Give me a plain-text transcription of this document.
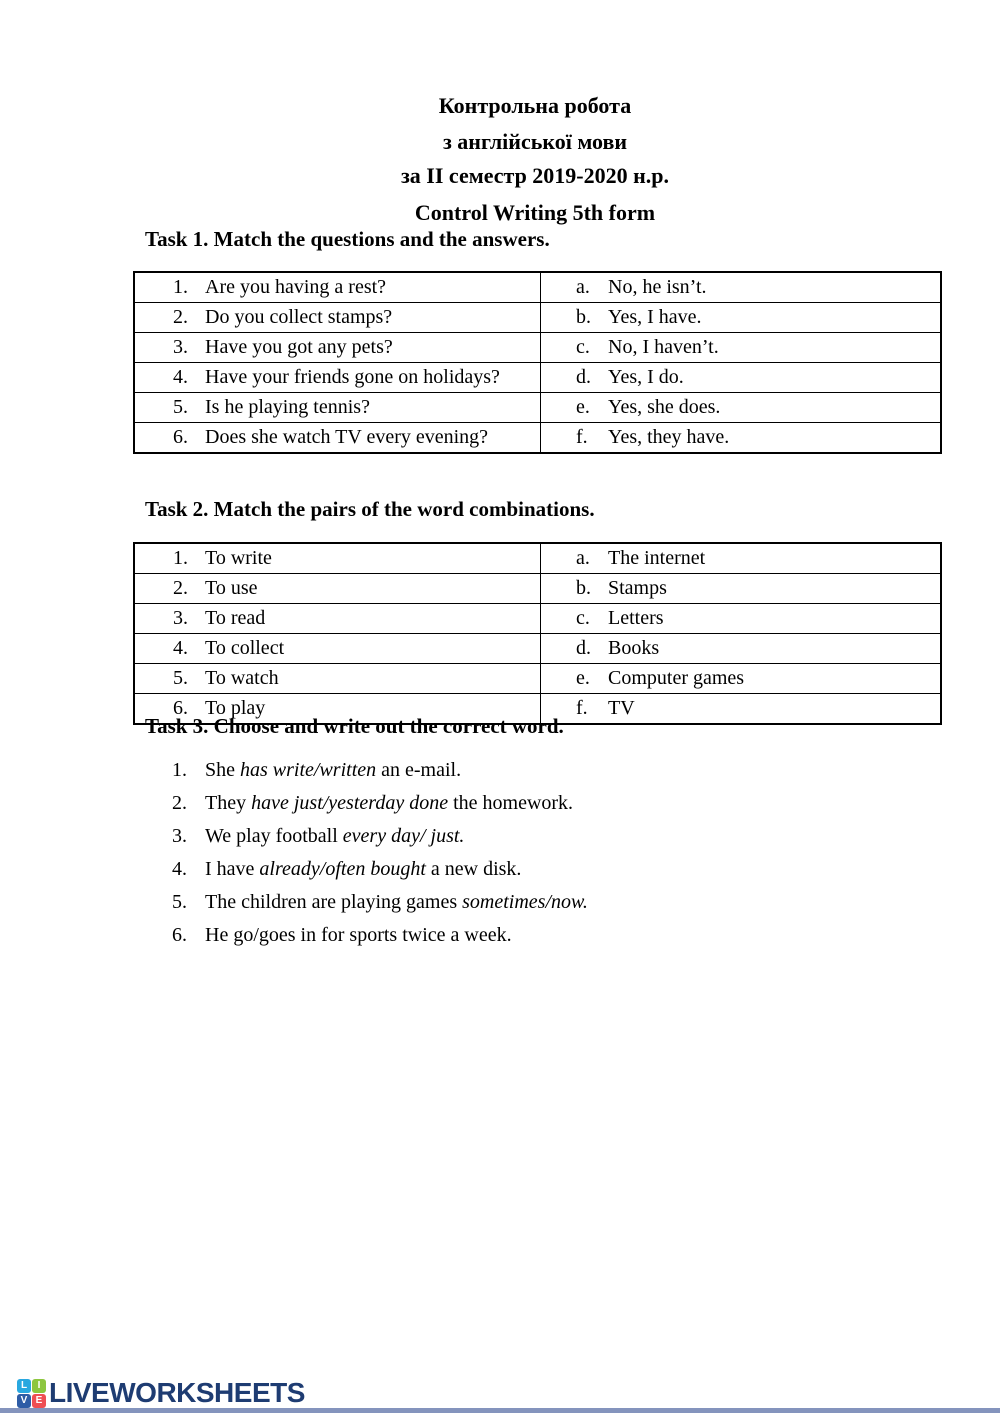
Контрольна робота
з англійської мови
за II семестр 2019-2020 н.р.
Control Writing 5th form
Task 1. Match the questions and the answers.
1. Are you having a rest?	a. No, he isn’t.

2. Do you collect stamps?	b. Yes, I have.

3. Have you got any pets?	c. No, I haven’t.

4. Have your friends gone on holidays?	d. Yes, I do.

5. Is he playing tennis?	e. Yes, she does.

6. Does she watch TV every evening?	f. Yes, they have.
Task 2. Match the pairs of the word combinations.
1. To write	a. The internet

2. To use	b. Stamps

3. To read	c. Letters

4. To collect	d. Books

5. To watch	e. Computer games

6. To play	f. TV
Task 3. Choose and write out the correct word.
1. She has write/written an e-mail.
2. They have just/yesterday done the homework.
3. We play football every day/ just.
4. I have already/often bought a new disk.
5. The children are playing games sometimes/now.
6. He go/goes in for sports twice a week.
L	I
V E LIVEWORKSHEETS
